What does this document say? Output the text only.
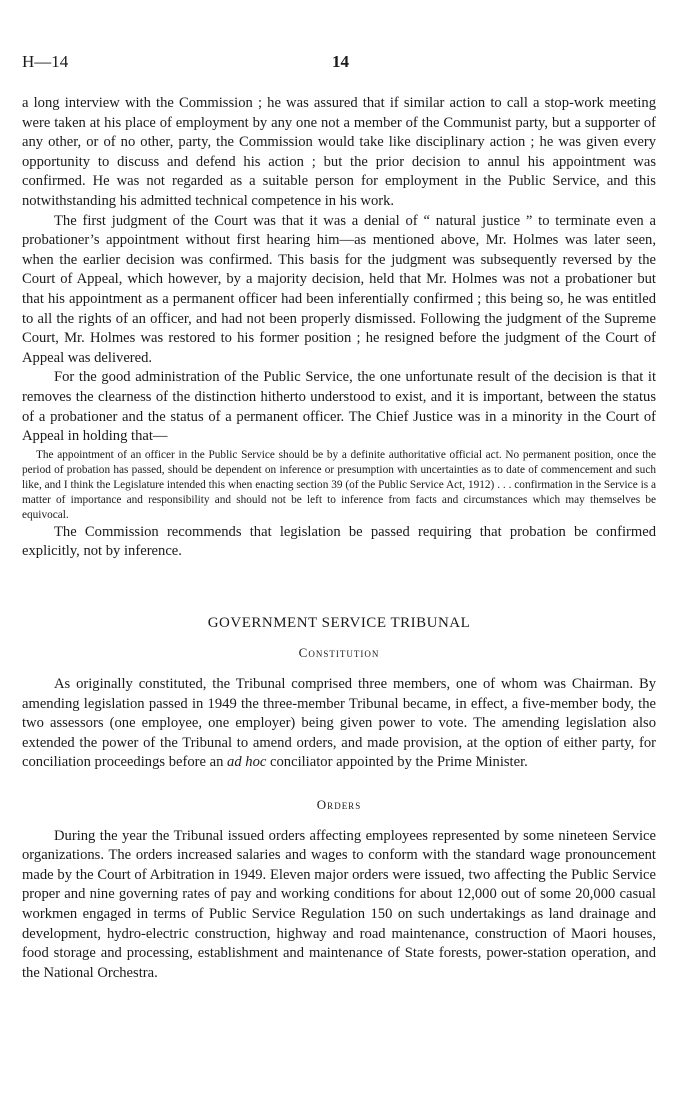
H—14	14

a long interview with the Commission ; he was assured that if similar action to call a stop-work meeting were taken at his place of employment by any one not a member of the Communist party, but a supporter of any other, or of no other, party, the Commission would take like disciplinary action ; he was given every opportunity to discuss and defend his action ; but the prior decision to annul his appointment was confirmed. He was not regarded as a suitable person for employment in the Public Service, and this notwithstanding his admitted technical competence in his work.

The first judgment of the Court was that it was a denial of “ natural justice ” to terminate even a probationer’s appointment without first hearing him—as mentioned above, Mr. Holmes was later seen, when the earlier decision was confirmed. This basis for the judgment was subsequently reversed by the Court of Appeal, which however, by a majority decision, held that Mr. Holmes was not a probationer but that his appointment as a permanent officer had been inferentially confirmed ; this being so, he was entitled to all the rights of an officer, and had not been properly dismissed. Following the judgment of the Supreme Court, Mr. Holmes was restored to his former position ; he resigned before the judgment of the Court of Appeal was delivered.

For the good administration of the Public Service, the one unfortunate result of the decision is that it removes the clearness of the distinction hitherto understood to exist, and it is important, between the status of a probationer and the status of a permanent officer. The Chief Justice was in a minority in the Court of Appeal in holding that—

The appointment of an officer in the Public Service should be by a definite authoritative official act. No permanent position, once the period of probation has passed, should be dependent on inference or presumption with uncertainties as to date of commencement and such like, and I think the Legislature intended this when enacting section 39 (of the Public Service Act, 1912) . . . confirmation in the Service is a matter of importance and responsibility and should not be left to inference from facts and circumstances which may themselves be equivocal.

The Commission recommends that legislation be passed requiring that probation be confirmed explicitly, not by inference.

GOVERNMENT SERVICE TRIBUNAL

Constitution

As originally constituted, the Tribunal comprised three members, one of whom was Chairman. By amending legislation passed in 1949 the three-member Tribunal became, in effect, a five-member body, the two assessors (one employee, one employer) being given power to vote. The amending legislation also extended the power of the Tribunal to amend orders, and made provision, at the option of either party, for conciliation proceedings before an ad hoc conciliator appointed by the Prime Minister.

Orders

During the year the Tribunal issued orders affecting employees represented by some nineteen Service organizations. The orders increased salaries and wages to conform with the standard wage pronouncement made by the Court of Arbitration in 1949. Eleven major orders were issued, two affecting the Public Service proper and nine governing rates of pay and working conditions for about 12,000 out of some 20,000 casual workmen engaged in terms of Public Service Regulation 150 on such undertakings as land drainage and development, hydro-electric construction, highway and road maintenance, construction of Maori houses, food storage and processing, establishment and maintenance of State forests, power-station operation, and the National Orchestra.
